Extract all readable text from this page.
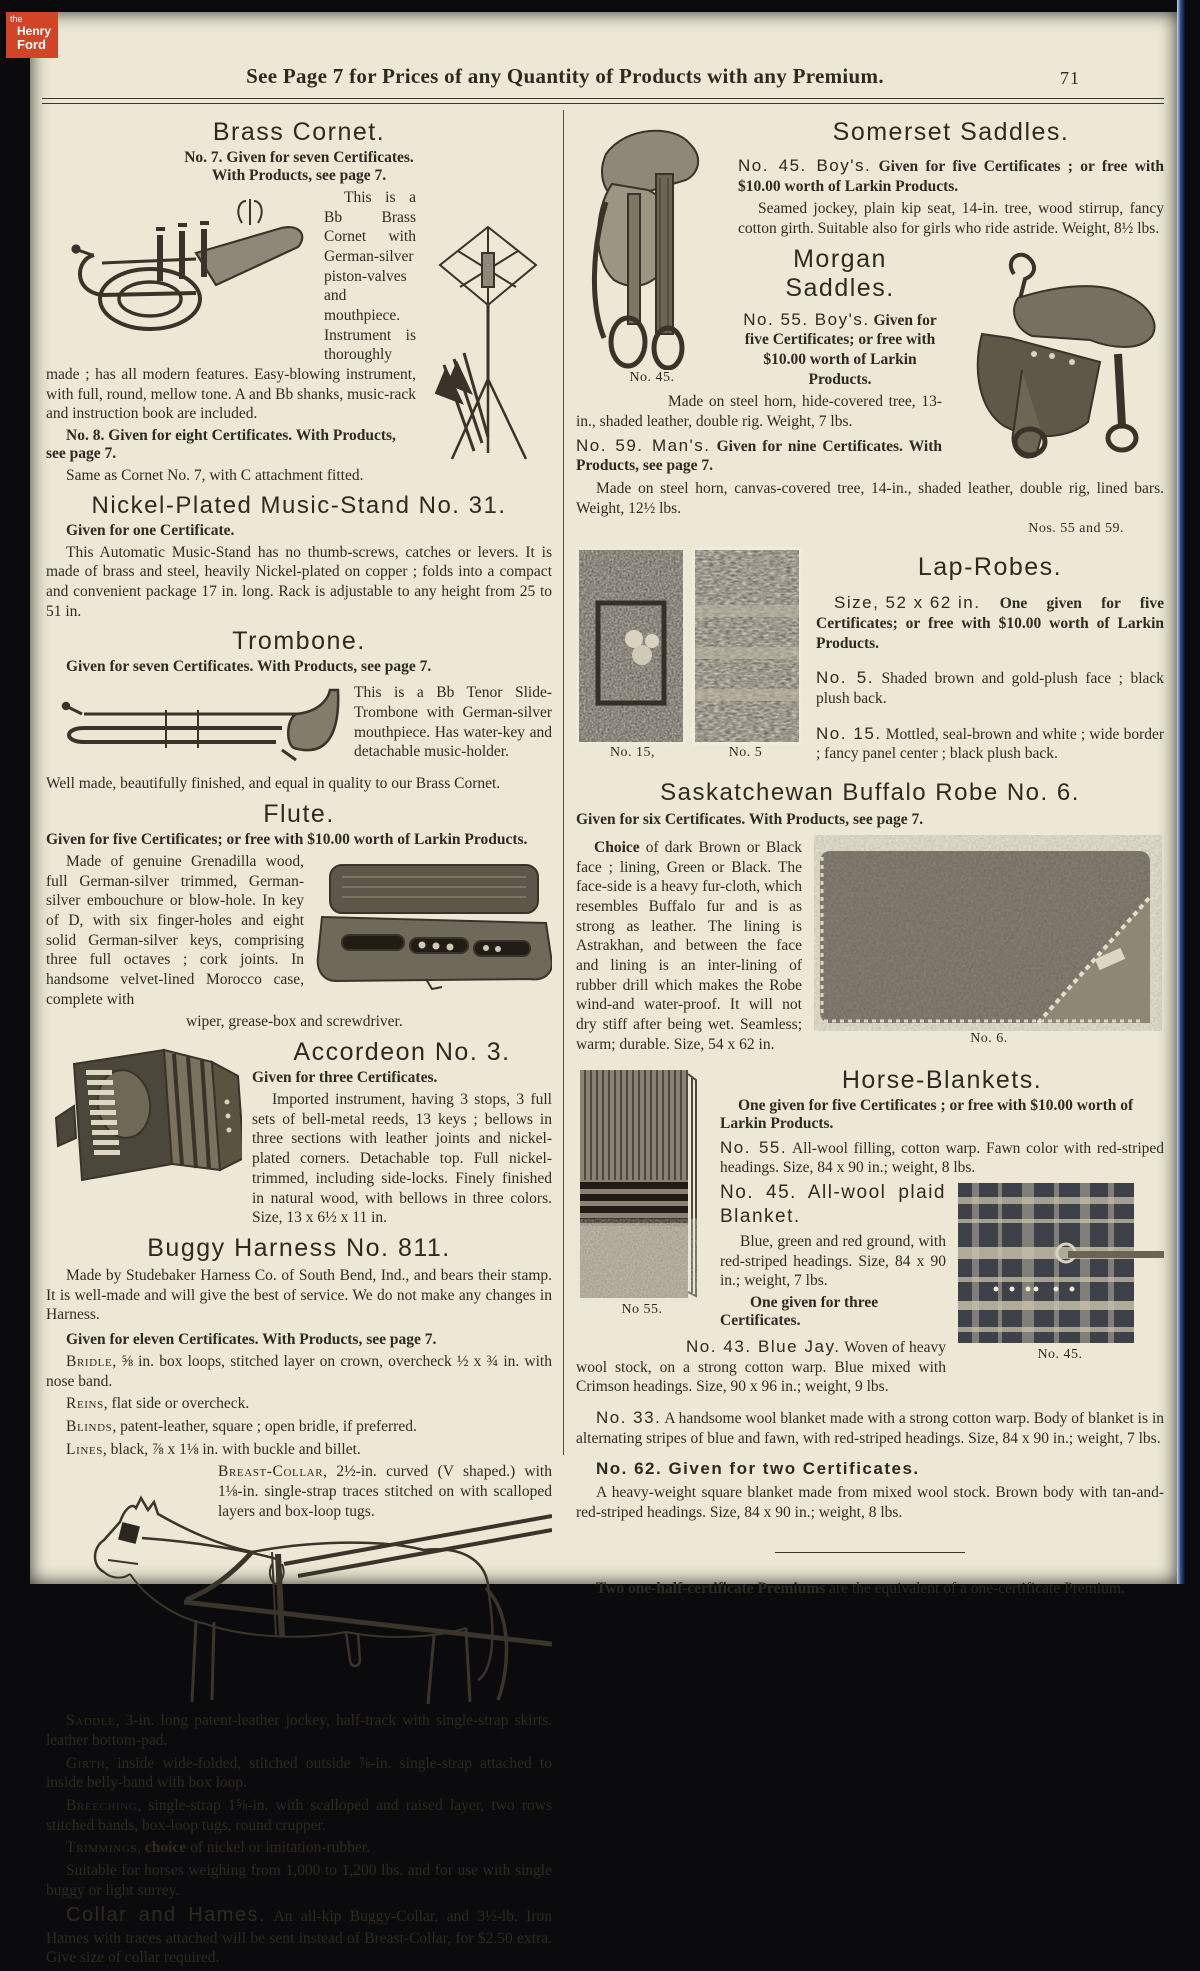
See Page 7 for Prices of any Quantity of Products with any Premium.	71
Brass Cornet.
No. 7. Given for seven Certificates.
With Products, see page 7.

This is a Bb Brass Cornet with German-silver piston-valves and mouthpiece. Instrument is thoroughly made ; has all modern features. Easy-blowing instrument, with full, round, mellow tone. A and Bb shanks, music-rack and instruction book are included.

No. 8. Given for eight Certificates. With Products, see page 7.

Same as Cornet No. 7, with C attachment fitted.

Nickel-Plated Music-Stand No. 31.
Given for one Certificate.

This Automatic Music-Stand has no thumb-screws, catches or levers. It is made of brass and steel, heavily Nickel-plated on copper ; folds into a compact and convenient package 17 in. long. Rack is adjustable to any height from 25 to 51 in.

Trombone.
Given for seven Certificates. With Products, see page 7.

This is a Bb Tenor Slide-Trombone with German-silver mouthpiece. Has water-key and detachable music-holder.

Well made, beautifully finished, and equal in quality to our Brass Cornet.

Flute.
Given for five Certificates; or free with $10.00 worth of Larkin Products.

Made of genuine Grenadilla wood, full German-silver trimmed, German-silver embouchure or blow-hole. In key of D, with six finger-holes and eight solid German-silver keys, comprising three full octaves ; cork joints. In handsome velvet-lined Morocco case, complete with

wiper, grease-box and screwdriver.

Accordeon No. 3.
Given for three Certificates.

Imported instrument, having 3 stops, 3 full sets of bell-metal reeds, 13 keys ; bellows in three sections with leather joints and nickel-plated corners. Detachable top. Full nickel-trimmed, including side-locks. Finely finished in natural wood, with bellows in three colors. Size, 13 x 6½ x 11 in.

Buggy Harness No. 811.

Made by Studebaker Harness Co. of South Bend, Ind., and bears their stamp. It is well-made and will give the best of service. We do not make any changes in Harness.

Given for eleven Certificates. With Products, see page 7.

Bridle, ⅝ in. box loops, stitched layer on crown, overcheck ½ x ¾ in. with nose band.

Reins, flat side or overcheck.

Blinds, patent-leather, square ; open bridle, if preferred.

Lines, black, ⅞ x 1⅛ in. with buckle and billet.

Breast-Collar, 2½-in. curved (V shaped.) with 1⅛-in. single-strap traces stitched on with scalloped layers and box-loop tugs.

Saddle, 3-in. long patent-leather jockey, half-track with single-strap skirts. leather bottom-pad.

Girth, inside wide-folded, stitched outside ⅞-in. single-strap attached to inside belly-band with box loop.

Breeching, single-strap 1⅝-in. with scalloped and raised layer, two rows stitched bands, box-loop tugs, round crupper.

Trimmings, choice of nickel or imitation-rubber.

Suitable for horses weighing from 1,000 to 1,200 lbs. and for use with single buggy or light surrey.

Collar and Hames. An all-kip Buggy-Collar, and 3½-lb. Iron Hames with traces attached will be sent instead of Breast-Collar, for $2.50 extra. Give size of collar required.

No. 45.
Somerset Saddles.

No. 45. Boy's. Given for five Certificates ; or free with $10.00 worth of Larkin Products.

Seamed jockey, plain kip seat, 14-in. tree, wood stirrup, fancy cotton girth. Suitable also for girls who ride astride. Weight, 8½ lbs.

Morgan Saddles.

No. 55. Boy's. Given for five Certificates; or free with $10.00 worth of Larkin Products.

Made on steel horn, hide-covered tree, 13-in., shaded leather, double rig. Weight, 7 lbs.

No. 59. Man's. Given for nine Certificates. With Products, see page 7.

Made on steel horn, canvas-covered tree, 14-in., shaded leather, double rig, lined bars. Weight, 12½ lbs.

Nos. 55 and 59.
No. 15,	No. 5
Lap-Robes.

Size, 52 x 62 in. One given for five Certificates; or free with $10.00 worth of Larkin Products.

No. 5. Shaded brown and gold-plush face ; black plush back.

No. 15. Mottled, seal-brown and white ; wide border ; fancy panel center ; black plush back.

Saskatchewan Buffalo Robe No. 6.
Given for six Certificates. With Products, see page 7.

Choice of dark Brown or Black face ; lining, Green or Black. The face-side is a heavy fur-cloth, which resembles Buffalo fur and is as strong as leather. The lining is Astrakhan, and between the face and lining is an inter-lining of rubber drill which makes the Robe wind-and water-proof. It will not dry stiff after being wet. Seamless; warm; durable. Size, 54 x 62 in.	No. 6.
No 55.
Horse-Blankets.
One given for five Certificates ; or free with $10.00 worth of Larkin Products.

No. 55. All-wool filling, cotton warp. Fawn color with red-striped headings. Size, 84 x 90 in.; weight, 8 lbs.

No. 45.

No. 45. All-wool plaid Blanket.

Blue, green and red ground, with red-striped headings. Size, 84 x 90 in.; weight, 7 lbs.

One given for three Certificates.

No. 43. Blue Jay. Woven of heavy wool stock, on a strong cotton warp. Blue mixed with Crimson headings. Size, 90 x 96 in.; weight, 9 lbs.

No. 33. A handsome wool blanket made with a strong cotton warp. Body of blanket is in alternating stripes of blue and fawn, with red-striped headings. Size, 84 x 90 in.; weight, 7 lbs.

No. 62. Given for two Certificates.

A heavy-weight square blanket made from mixed wool stock. Brown body with tan-and-red-striped headings. Size, 84 x 90 in.; weight, 8 lbs.

Two one-half-certificate Premiums are the equivalent of a one-certificate Premium.

the
Henry
Ford
